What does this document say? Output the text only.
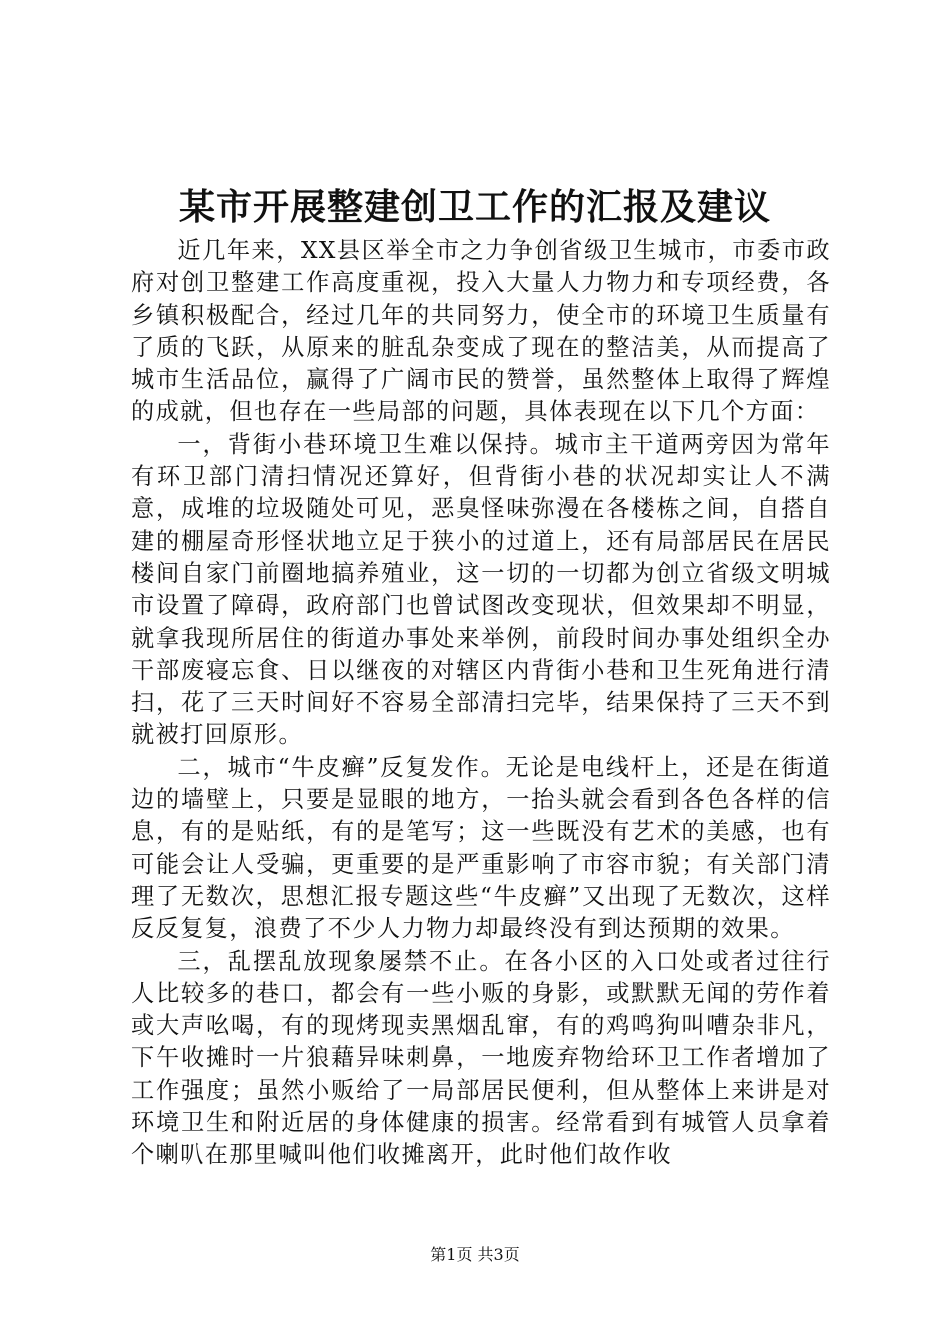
某市开展整建创卫工作的汇报及建议

近几年来，XX县区举全市之力争创省级卫生城市，市委市政府对创卫整建工作高度重视，投入大量人力物力和专项经费，各乡镇积极配合，经过几年的共同努力，使全市的环境卫生质量有了质的飞跃，从原来的脏乱杂变成了现在的整洁美，从而提高了城市生活品位，赢得了广阔市民的赞誉，虽然整体上取得了辉煌的成就，但也存在一些局部的问题，具体表现在以下几个方面：

一，背街小巷环境卫生难以保持。城市主干道两旁因为常年有环卫部门清扫情况还算好，但背街小巷的状况却实让人不满意，成堆的垃圾随处可见，恶臭怪味弥漫在各楼栋之间，自搭自建的棚屋奇形怪状地立足于狭小的过道上，还有局部居民在居民楼间自家门前圈地搞养殖业，这一切的一切都为创立省级文明城市设置了障碍，政府部门也曾试图改变现状，但效果却不明显，就拿我现所居住的街道办事处来举例，前段时间办事处组织全办干部废寝忘食、日以继夜的对辖区内背街小巷和卫生死角进行清扫，花了三天时间好不容易全部清扫完毕，结果保持了三天不到就被打回原形。

二，城市“牛皮癣”反复发作。无论是电线杆上，还是在街道边的墙壁上，只要是显眼的地方，一抬头就会看到各色各样的信息，有的是贴纸，有的是笔写；这一些既没有艺术的美感，也有可能会让人受骗，更重要的是严重影响了市容市貌；有关部门清理了无数次，思想汇报专题这些“牛皮癣”又出现了无数次，这样反反复复，浪费了不少人力物力却最终没有到达预期的效果。

三，乱摆乱放现象屡禁不止。在各小区的入口处或者过往行人比较多的巷口，都会有一些小贩的身影，或默默无闻的劳作着或大声吆喝，有的现烤现卖黑烟乱窜，有的鸡鸣狗叫嘈杂非凡，下午收摊时一片狼藉异味刺鼻，一地废弃物给环卫工作者增加了工作强度；虽然小贩给了一局部居民便利，但从整体上来讲是对环境卫生和附近居的身体健康的损害。经常看到有城管人员拿着个喇叭在那里喊叫他们收摊离开，此时他们故作收

第1页 共3页
